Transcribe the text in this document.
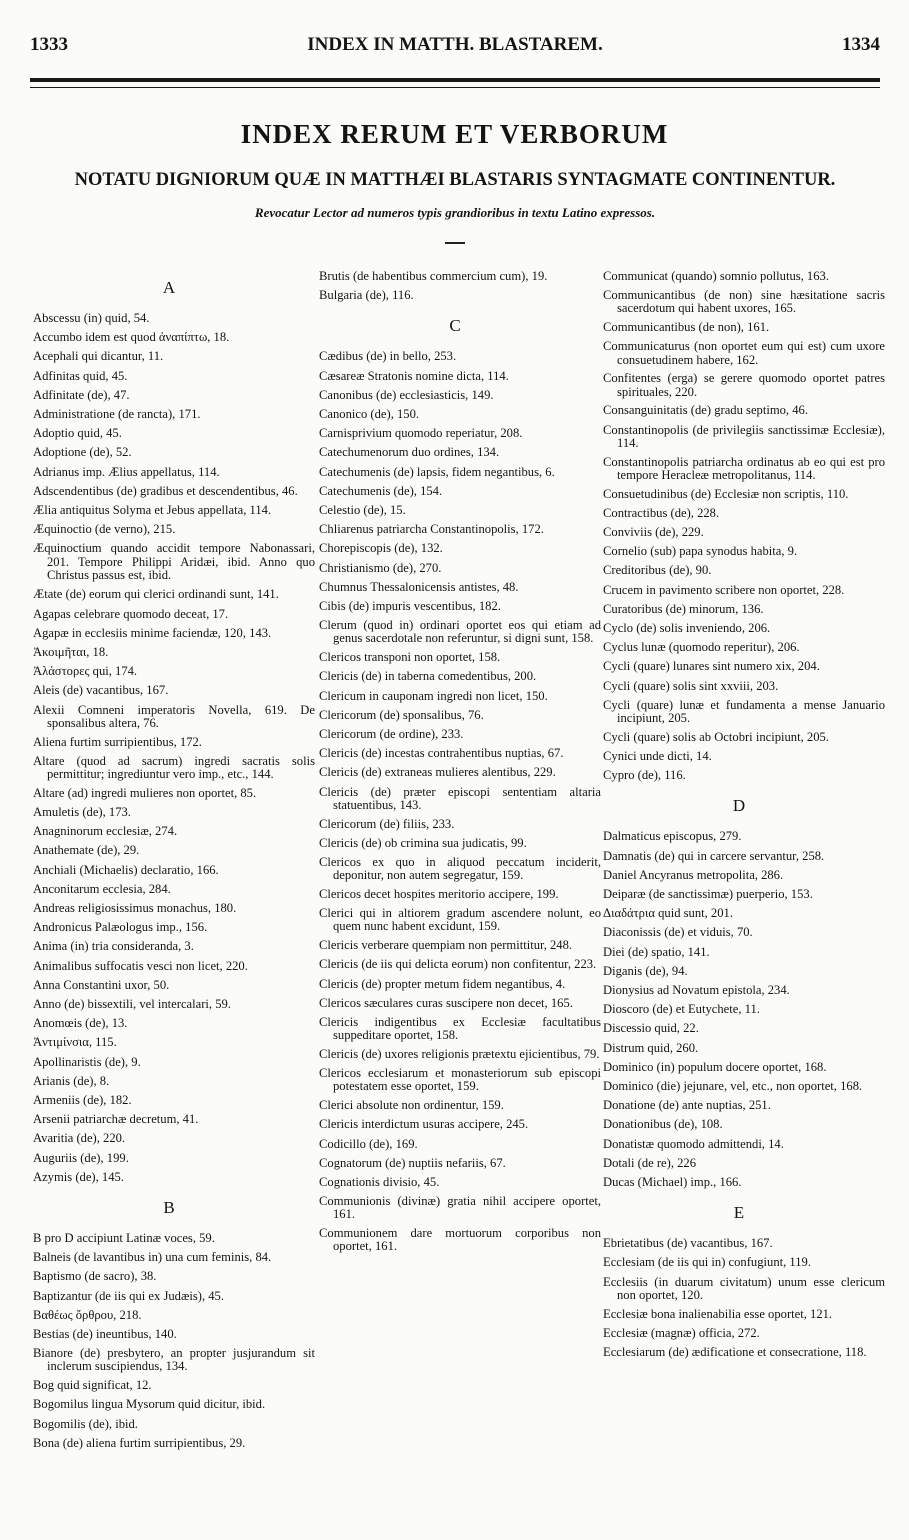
1333	INDEX IN MATTH. BLASTAREM.	1334
INDEX RERUM ET VERBORUM
NOTATU DIGNIORUM QUÆ IN MATTHÆI BLASTARIS SYNTAGMATE CONTINENTUR.
Revocatur Lector ad numeros typis grandioribus in textu Latino expressos.
A
Abscessu (in) quid, 54.
Accumbo idem est quod ἀναπίπτω, 18.
Acephali qui dicantur, 11.
Adfinitas quid, 45.
Adfinitate (de), 47.
Administratione (de rancta), 171.
Adoptio quid, 45.
Adoptione (de), 52.
Adrianus imp. Ælius appellatus, 114.
Adscendentibus (de) gradibus et descendentibus, 46.
Ælia antiquitus Solyma et Jebus appellata, 114.
Æquinoctio (de verno), 215.
Æquinoctium quando accidit tempore Nabonassari, 201. Tempore Philippi Aridæi, ibid. Anno quo Christus passus est, ibid.
Ætate (de) eorum qui clerici ordinandi sunt, 141.
Agapas celebrare quomodo deceat, 17.
Agapæ in ecclesiis minime faciendæ, 120, 143.
Ἀκοιμῆται, 18.
Ἀλάστορες qui, 174.
Aleis (de) vacantibus, 167.
Alexii Comneni imperatoris Novella, 619. De sponsalibus altera, 76.
Aliena furtim surripientibus, 172.
Altare (quod ad sacrum) ingredi sacratis solis permittitur; ingrediuntur vero imp., etc., 144.
Altare (ad) ingredi mulieres non oportet, 85.
Amuletis (de), 173.
Anagninorum ecclesiæ, 274.
Anathemate (de), 29.
Anchiali (Michaelis) declaratio, 166.
Anconitarum ecclesia, 284.
Andreas religiosissimus monachus, 180.
Andronicus Palæologus imp., 156.
Anima (in) tria consideranda, 3.
Animalibus suffocatis vesci non licet, 220.
Anna Constantini uxor, 50.
Anno (de) bissextili, vel intercalari, 59.
Anomœis (de), 13.
Ἀντιμίνσια, 115.
Apollinaristis (de), 9.
Arianis (de), 8.
Armeniis (de), 182.
Arsenii patriarchæ decretum, 41.
Avaritia (de), 220.
Auguriis (de), 199.
Azymis (de), 145.
B
B pro D accipiunt Latinæ voces, 59.
Balneis (de lavantibus in) una cum feminis, 84.
Baptismo (de sacro), 38.
Baptizantur (de iis qui ex Judæis), 45.
Βαθέως ὄρθρου, 218.
Bestias (de) ineuntibus, 140.
Bianore (de) presbytero, an propter jusjurandum sit inclerum suscipiendus, 134.
Bog quid significat, 12.
Bogomilus lingua Mysorum quid dicitur, ibid.
Bogomilis (de), ibid.
Bona (de) aliena furtim surripientibus, 29.
Brutis (de habentibus commercium cum), 19.
Bulgaria (de), 116.
C
Cædibus (de) in bello, 253.
Cæsareæ Stratonis nomine dicta, 114.
Canonibus (de) ecclesiasticis, 149.
Canonico (de), 150.
Carnisprivium quomodo reperiatur, 208.
Catechumenorum duo ordines, 134.
Catechumenis (de) lapsis, fidem negantibus, 6.
Catechumenis (de), 154.
Celestio (de), 15.
Chliarenus patriarcha Constantinopolis, 172.
Chorepiscopis (de), 132.
Christianismo (de), 270.
Chumnus Thessalonicensis antistes, 48.
Cibis (de) impuris vescentibus, 182.
Clerum (quod in) ordinari oportet eos qui etiam ad genus sacerdotale non referuntur, si digni sunt, 158.
Clericos transponi non oportet, 158.
Clericis (de) in taberna comedentibus, 200.
Clericum in cauponam ingredi non licet, 150.
Clericorum (de) sponsalibus, 76.
Clericorum (de ordine), 233.
Clericis (de) incestas contrahentibus nuptias, 67.
Clericis (de) extraneas mulieres alentibus, 229.
Clericis (de) præter episcopi sententiam altaria statuentibus, 143.
Clericorum (de) filiis, 233.
Clericis (de) ob crimina sua judicatis, 99.
Clericos ex quo in aliquod peccatum inciderit, deponitur, non autem segregatur, 159.
Clericos decet hospites meritorio accipere, 199.
Clerici qui in altiorem gradum ascendere nolunt, eo quem nunc habent excidunt, 159.
Clericis verberare quempiam non permittitur, 248.
Clericis (de iis qui delicta eorum) non confitentur, 223.
Clericis (de) propter metum fidem negantibus, 4.
Clericos sæculares curas suscipere non decet, 165.
Clericis indigentibus ex Ecclesiæ facultatibus suppeditare oportet, 158.
Clericis (de) uxores religionis prætextu ejicientibus, 79.
Clericos ecclesiarum et monasteriorum sub episcopi potestatem esse oportet, 159.
Clerici absolute non ordinentur, 159.
Clericis interdictum usuras accipere, 245.
Codicillo (de), 169.
Cognatorum (de) nuptiis nefariis, 67.
Cognationis divisio, 45.
Communionis (divinæ) gratia nihil accipere oportet, 161.
Communionem dare mortuorum corporibus non oportet, 161.
Communicat (quando) somnio pollutus, 163.
Communicantibus (de non) sine hæsitatione sacris sacerdotum qui habent uxores, 165.
Communicantibus (de non), 161.
Communicaturus (non oportet eum qui est) cum uxore consuetudinem habere, 162.
Confitentes (erga) se gerere quomodo oportet patres spirituales, 220.
Consanguinitatis (de) gradu septimo, 46.
Constantinopolis (de privilegiis sanctissimæ Ecclesiæ), 114.
Constantinopolis patriarcha ordinatus ab eo qui est pro tempore Heracleæ metropolitanus, 114.
Consuetudinibus (de) Ecclesiæ non scriptis, 110.
Contractibus (de), 228.
Conviviis (de), 229.
Cornelio (sub) papa synodus habita, 9.
Creditoribus (de), 90.
Crucem in pavimento scribere non oportet, 228.
Curatoribus (de) minorum, 136.
Cyclo (de) solis inveniendo, 206.
Cyclus lunæ (quomodo reperitur), 206.
Cycli (quare) lunares sint numero xix, 204.
Cycli (quare) solis sint xxviii, 203.
Cycli (quare) lunæ et fundamenta a mense Januario incipiunt, 205.
Cycli (quare) solis ab Octobri incipiunt, 205.
Cynici unde dicti, 14.
Cypro (de), 116.
D
Dalmaticus episcopus, 279.
Damnatis (de) qui in carcere servantur, 258.
Daniel Ancyranus metropolita, 286.
Deiparæ (de sanctissimæ) puerperio, 153.
Διαδάτρια quid sunt, 201.
Diaconissis (de) et viduis, 70.
Diei (de) spatio, 141.
Diganis (de), 94.
Dionysius ad Novatum epistola, 234.
Dioscoro (de) et Eutychete, 11.
Discessio quid, 22.
Distrum quid, 260.
Dominico (in) populum docere oportet, 168.
Dominico (die) jejunare, vel, etc., non oportet, 168.
Donatione (de) ante nuptias, 251.
Donationibus (de), 108.
Donatistæ quomodo admittendi, 14.
Dotali (de re), 226
Ducas (Michael) imp., 166.
E
Ebrietatibus (de) vacantibus, 167.
Ecclesiam (de iis qui in) confugiunt, 119.
Ecclesiis (in duarum civitatum) unum esse clericum non oportet, 120.
Ecclesiæ bona inalienabilia esse oportet, 121.
Ecclesiæ (magnæ) officia, 272.
Ecclesiarum (de) ædificatione et consecratione, 118.
